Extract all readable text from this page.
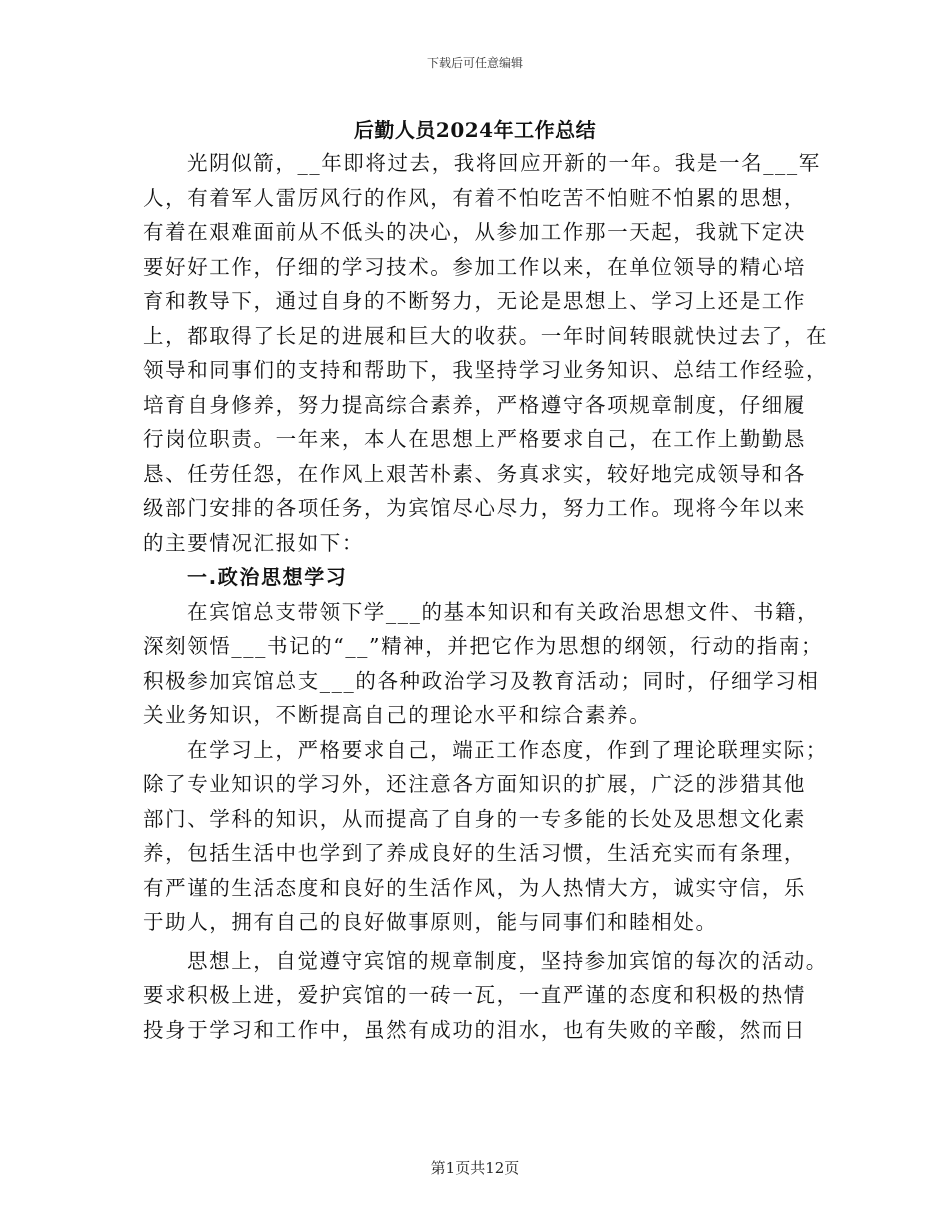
下载后可任意编辑
后勤人员2024年工作总结
光阴似箭，__年即将过去，我将回应开新的一年。我是一名___军
人，有着军人雷厉风行的作风，有着不怕吃苦不怕赃不怕累的思想，
有着在艰难面前从不低头的决心，从参加工作那一天起，我就下定决
要好好工作，仔细的学习技术。参加工作以来，在单位领导的精心培
育和教导下，通过自身的不断努力，无论是思想上、学习上还是工作
上，都取得了长足的进展和巨大的收获。一年时间转眼就快过去了，在
领导和同事们的支持和帮助下，我坚持学习业务知识、总结工作经验，
培育自身修养，努力提高综合素养，严格遵守各项规章制度，仔细履
行岗位职责。一年来，本人在思想上严格要求自己，在工作上勤勤恳
恳、任劳任怨，在作风上艰苦朴素、务真求实，较好地完成领导和各
级部门安排的各项任务，为宾馆尽心尽力，努力工作。现将今年以来
的主要情况汇报如下：
一.政治思想学习
在宾馆总支带领下学___的基本知识和有关政治思想文件、书籍，
深刻领悟___书记的“__”精神，并把它作为思想的纲领，行动的指南；
积极参加宾馆总支___的各种政治学习及教育活动；同时，仔细学习相
关业务知识，不断提高自己的理论水平和综合素养。
在学习上，严格要求自己，端正工作态度，作到了理论联理实际；
除了专业知识的学习外，还注意各方面知识的扩展，广泛的涉猎其他
部门、学科的知识，从而提高了自身的一专多能的长处及思想文化素
养，包括生活中也学到了养成良好的生活习惯，生活充实而有条理，
有严谨的生活态度和良好的生活作风，为人热情大方，诚实守信，乐
于助人，拥有自己的良好做事原则，能与同事们和睦相处。
思想上，自觉遵守宾馆的规章制度，坚持参加宾馆的每次的活动。
要求积极上进，爱护宾馆的一砖一瓦，一直严谨的态度和积极的热情
投身于学习和工作中，虽然有成功的泪水，也有失败的辛酸，然而日
第1页共12页
